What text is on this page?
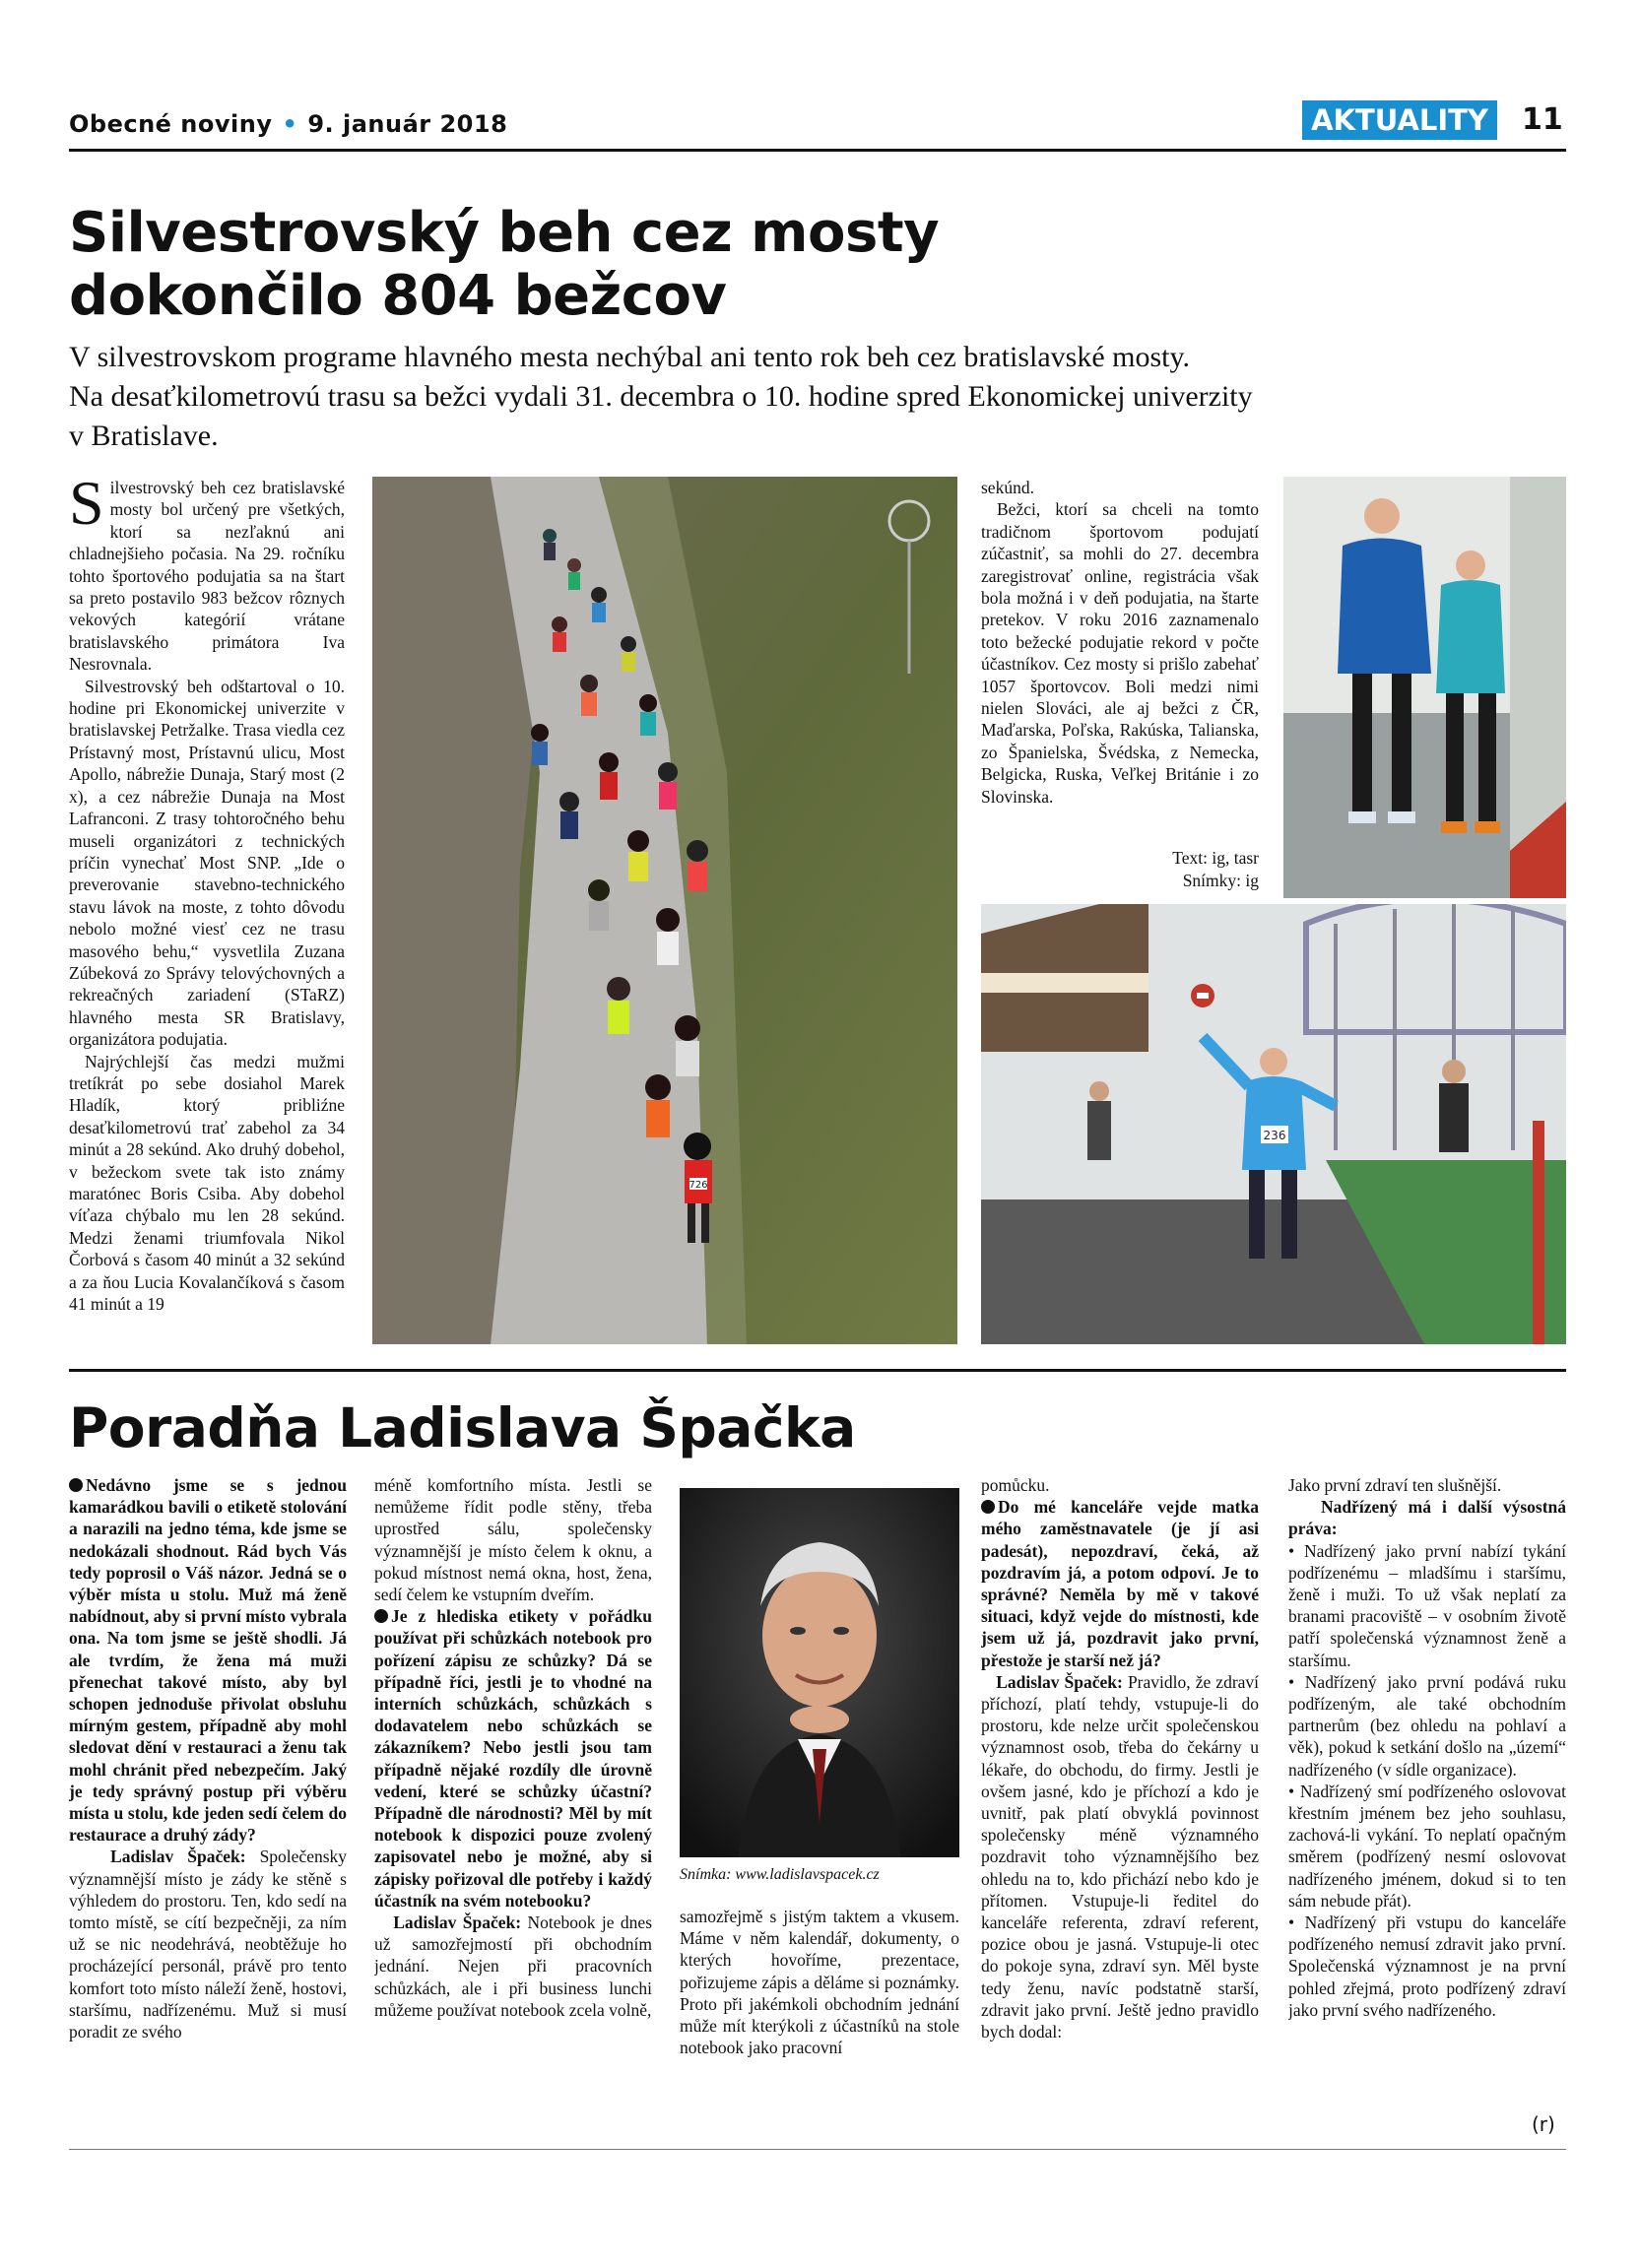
Obecné noviny • 9. január 2018	AKTUALITY	11
Silvestrovský beh cez mosty
dokončilo 804 bežcov
V silvestrovskom programe hlavného mesta nechýbal ani tento rok beh cez bratislavské mosty.
Na desaťkilometrovú trasu sa bežci vydali 31. decembra o 10. hodine spred Ekonomickej univerzity
v Bratislave.

Silvestrovský beh cez bratislavské mosty bol určený pre všetkých, ktorí sa nezľaknú ani chladnejšieho počasia. Na 29. ročníku tohto športového podujatia sa na štart sa preto postavilo 983 bežcov rôznych vekových kategórií vrátane bratislavského primátora Iva Nesrovnala.

Silvestrovský beh odštartoval o 10. hodine pri Ekonomickej univerzite v bratislavskej Petržalke. Trasa viedla cez Prístavný most, Prístavnú ulicu, Most Apollo, nábrežie Dunaja, Starý most (2 x), a cez nábrežie Dunaja na Most Lafranconi. Z trasy tohtoročného behu museli organizátori z technických príčin vynechať Most SNP. „Ide o preverovanie stavebno-technického stavu lávok na moste, z tohto dôvodu nebolo možné viesť cez ne trasu masového behu,“ vysvetlila Zuzana Zúbeková zo Správy telovýchovných a rekreačných zariadení (STaRZ) hlavného mesta SR Bratislavy, organizátora podujatia.

Najrýchlejší čas medzi mužmi tretíkrát po sebe dosiahol Marek Hladík, ktorý pribliźne desaťkilometrovú trať zabehol za 34 minút a 28 sekúnd. Ako druhý dobehol, v bežeckom svete tak isto známy maratónec Boris Csiba. Aby dobehol víťaza chýbalo mu len 28 sekúnd. Medzi ženami triumfovala Nikol Čorbová s časom 40 minút a 32 sekúnd a za ňou Lucia Kovalančíková s časom 41 minút a 19

726

sekúnd.

Bežci, ktorí sa chceli na tomto tradičnom športovom podujatí zúčastniť, sa mohli do 27. decembra zaregistrovať online, registrácia však bola možná i v deň podujatia, na štarte pretekov. V roku 2016 zaznamenalo toto bežecké podujatie rekord v počte účastníkov. Cez mosty si prišlo zabehať 1057 športovcov. Boli medzi nimi nielen Slováci, ale aj bežci z ČR, Maďarska, Poľska, Rakúska, Talianska, zo Španielska, Švédska, z Nemecka, Belgicka, Ruska, Veľkej Británie i zo Slovinska.

Text: ig, tasr
Snímky: ig
236
Poradňa Ladislava Špačka

Nedávno jsme se s jednou kamarádkou bavili o etiketě stolování a narazili na jedno téma, kde jsme se nedokázali shodnout. Rád bych Vás tedy poprosil o Váš názor. Jedná se o výběr místa u stolu. Muž má ženě nabídnout, aby si první místo vybrala ona. Na tom jsme se ještě shodli. Já ale tvrdím, že žena má muži přenechat takové místo, aby byl schopen jednoduše přivolat obsluhu mírným gestem, případně aby mohl sledovat dění v restauraci a ženu tak mohl chránit před nebezpečím. Jaký je tedy správný postup při výběru místa u stolu, kde jeden sedí čelem do restaurace a druhý zády?

Ladislav Špaček: Společensky významnější místo je zády ke stěně s výhledem do prostoru. Ten, kdo sedí na tomto místě, se cítí bezpečněji, za ním už se nic neodehrává, neobtěžuje ho procházející personál, právě pro tento komfort toto místo náleží ženě, hostovi, staršímu, nadřízenému. Muž si musí poradit ze svého

méně komfortního místa. Jestli se nemůžeme řídit podle stěny, třeba uprostřed sálu, společensky významnější je místo čelem k oknu, a pokud místnost nemá okna, host, žena, sedí čelem ke vstupním dveřím.

Je z hlediska etikety v pořádku používat při schůzkách notebook pro pořízení zápisu ze schůzky? Dá se případně říci, jestli je to vhodné na interních schůzkách, schůzkách s dodavatelem nebo schůzkách se zákazníkem? Nebo jestli jsou tam případně nějaké rozdíly dle úrovně vedení, které se schůzky účastní? Případně dle národnosti? Měl by mít notebook k dispozici pouze zvolený zapisovatel nebo je možné, aby si zápisky pořizoval dle potřeby i každý účastník na svém notebooku?

Ladislav Špaček: Notebook je dnes už samozřejmostí při obchodním jednání. Nejen při pracovních schůzkách, ale i při business lunchi můžeme používat notebook zcela volně,

Snímka: www.ladislavspacek.cz

samozřejmě s jistým taktem a vkusem. Máme v něm kalendář, dokumenty, o kterých hovoříme, prezentace, pořizujeme zápis a děláme si poznámky. Proto při jakémkoli obchodním jednání může mít kterýkoli z účastníků na stole notebook jako pracovní

pomůcku.

Do mé kanceláře vejde matka mého zaměstnavatele (je jí asi padesát), nepozdraví, čeká, až pozdravím já, a potom odpoví. Je to správné? Neměla by mě v takové situaci, když vejde do místnosti, kde jsem už já, pozdravit jako první, přestože je starší než já?

Ladislav Špaček: Pravidlo, že zdraví příchozí, platí tehdy, vstupuje-li do prostoru, kde nelze určit společenskou významnost osob, třeba do čekárny u lékaře, do obchodu, do firmy. Jestli je ovšem jasné, kdo je příchozí a kdo je uvnitř, pak platí obvyklá povinnost společensky méně významného pozdravit toho významnějšího bez ohledu na to, kdo přichází nebo kdo je přítomen. Vstupuje-li ředitel do kanceláře referenta, zdraví referent, pozice obou je jasná. Vstupuje-li otec do pokoje syna, zdraví syn. Měl byste tedy ženu, navíc podstatně starší, zdravit jako první. Ještě jedno pravidlo bych dodal:

Jako první zdraví ten slušnější.

Nadřízený má i další výsostná práva:

• Nadřízený jako první nabízí tykání podřízenému – mladšímu i staršímu, ženě i muži. To už však neplatí za branami pracoviště – v osobním životě patří společenská významnost ženě a staršímu.

• Nadřízený jako první podává ruku podřízeným, ale také obchodním partnerům (bez ohledu na pohlaví a věk), pokud k setkání došlo na „území“ nadřízeného (v sídle organizace).

• Nadřízený smí podřízeného oslovovat křestním jménem bez jeho souhlasu, zachová-li vykání. To neplatí opačným směrem (podřízený nesmí oslovovat nadřízeného jménem, dokud si to ten sám nebude přát).

• Nadřízený při vstupu do kanceláře podřízeného nemusí zdravit jako první. Společenská významnost je na první pohled zřejmá, proto podřízený zdraví jako první svého nadřízeného.

(r)
